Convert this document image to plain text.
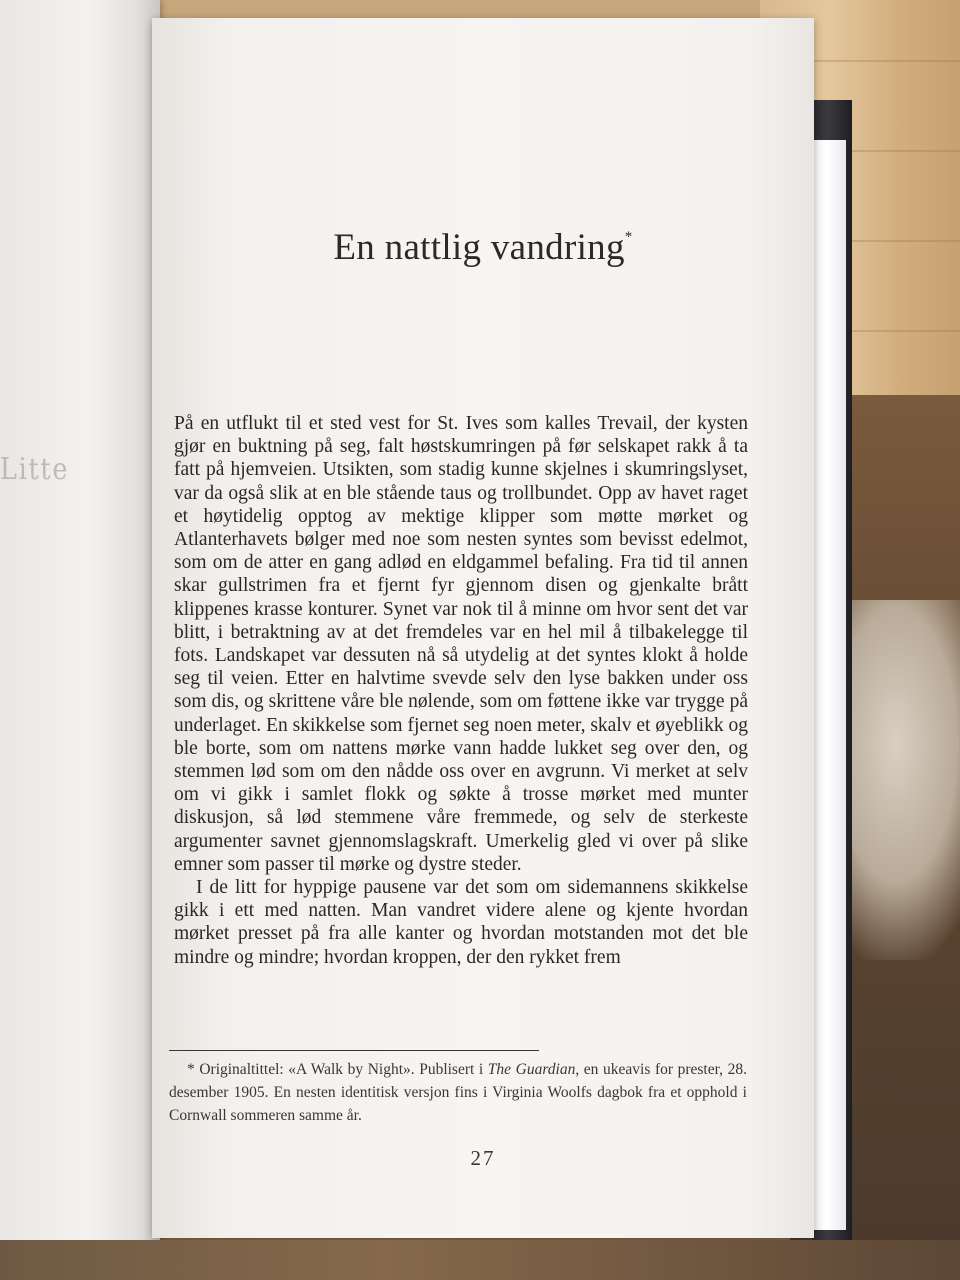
Litte
En nattlig vandring*

På en utflukt til et sted vest for St. Ives som kalles Trevail, der kysten gjør en buktning på seg, falt høstskumringen på før selskapet rakk å ta fatt på hjemveien. Utsikten, som stadig kunne skjelnes i skumringslyset, var da også slik at en ble stående taus og trollbundet. Opp av havet raget et høytidelig opptog av mektige klipper som møtte mørket og Atlanterhavets bølger med noe som nesten syntes som bevisst edelmot, som om de atter en gang adlød en eldgammel befaling. Fra tid til annen skar gullstrimen fra et fjernt fyr gjennom disen og gjenkalte brått klippenes krasse konturer. Synet var nok til å minne om hvor sent det var blitt, i betraktning av at det fremdeles var en hel mil å tilbakelegge til fots. Landskapet var dessuten nå så utydelig at det syntes klokt å holde seg til veien. Etter en halvtime svevde selv den lyse bakken under oss som dis, og skrittene våre ble nølende, som om føttene ikke var trygge på underlaget. En skikkelse som fjernet seg noen meter, skalv et øyeblikk og ble borte, som om nattens mørke vann hadde lukket seg over den, og stemmen lød som om den nådde oss over en avgrunn. Vi merket at selv om vi gikk i samlet flokk og søkte å trosse mørket med munter diskusjon, så lød stemmene våre fremmede, og selv de sterkeste argumenter savnet gjennomslagskraft. Umerkelig gled vi over på slike emner som passer til mørke og dystre steder.

I de litt for hyppige pausene var det som om sidemannens skikkelse gikk i ett med natten. Man vandret videre alene og kjente hvordan mørket presset på fra alle kanter og hvordan motstanden mot det ble mindre og mindre; hvordan kroppen, der den rykket frem

* Originaltittel: «A Walk by Night». Publisert i The Guardian, en ukeavis for prester, 28. desember 1905. En nesten identitisk versjon fins i Virginia Woolfs dagbok fra et opphold i Cornwall sommeren samme år.
27
